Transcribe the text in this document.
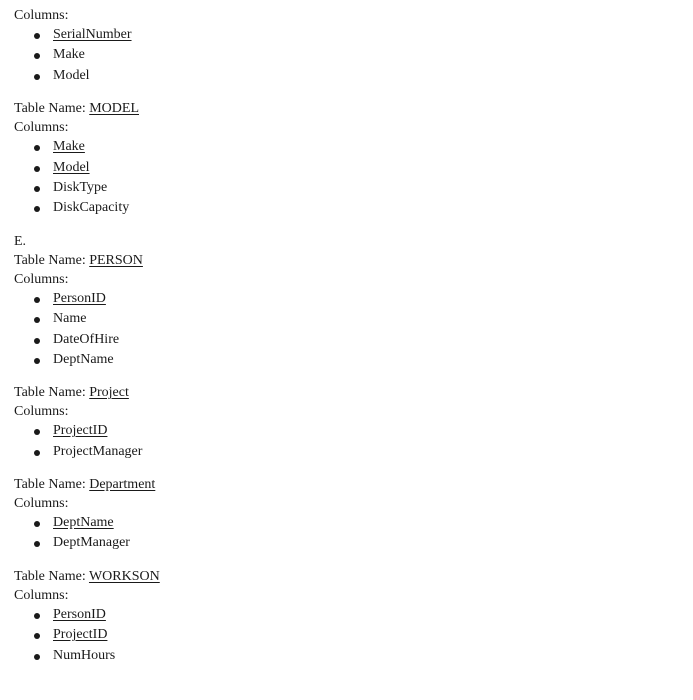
Columns:
SerialNumber
Make
Model
Table Name: MODEL
Columns:
Make
Model
DiskType
DiskCapacity
E.
Table Name: PERSON
Columns:
PersonID
Name
DateOfHire
DeptName
Table Name: Project
Columns:
ProjectID
ProjectManager
Table Name: Department
Columns:
DeptName
DeptManager
Table Name: WORKSON
Columns:
PersonID
ProjectID
NumHours
